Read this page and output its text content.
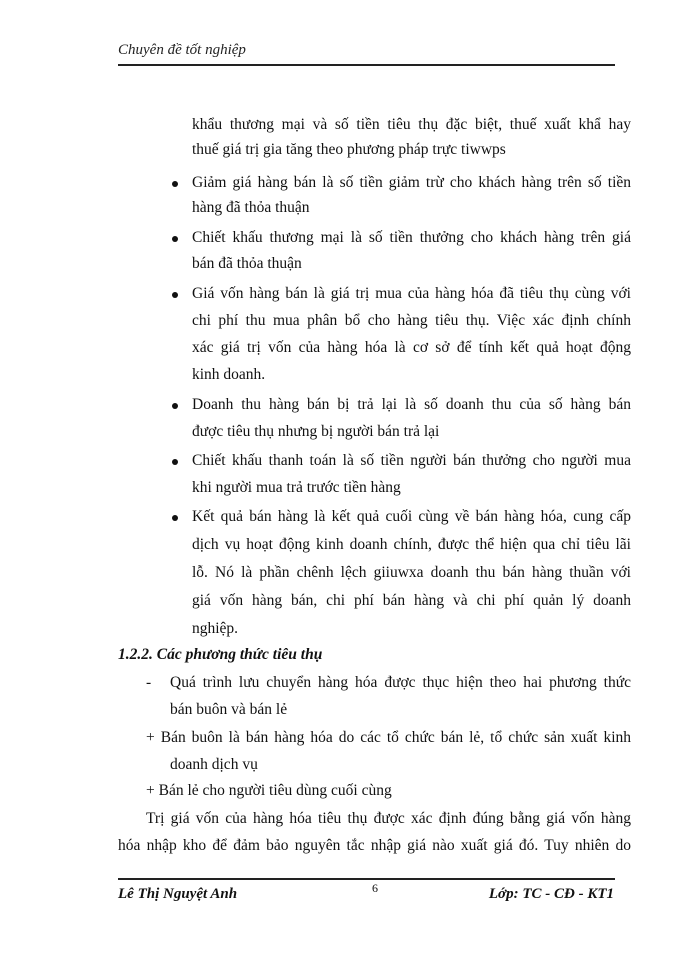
Chuyên đề tốt nghiệp
khẩu thương mại và số tiền tiêu thụ đặc biệt, thuế xuất khẩ hay
thuế giá trị gia tăng theo phương pháp trực tiwwps
Giảm giá hàng bán là số tiền giảm trừ cho khách hàng trên số tiền
hàng đã thỏa thuận
Chiết khấu thương mại là số tiền thưởng cho khách hàng trên giá
bán đã thỏa thuận
Giá vốn hàng bán là giá trị mua của hàng hóa đã tiêu thụ cùng với
chi phí thu mua phân bổ cho hàng tiêu thụ. Việc xác định chính
xác giá trị vốn của hàng hóa là cơ sở để tính kết quả hoạt động
kinh doanh.
Doanh thu hàng bán bị trả lại là số doanh thu của số hàng bán
được tiêu thụ nhưng bị người bán trả lại
Chiết khấu thanh toán là số tiền người bán thưởng cho người mua
khi người mua trả trước tiền hàng
Kết quả bán hàng là kết quả cuối cùng về bán hàng hóa, cung cấp
dịch vụ hoạt động kinh doanh chính, được thể hiện qua chỉ tiêu lãi
lỗ. Nó là phần chênh lệch giiuwxa doanh thu bán hàng thuần với
giá vốn hàng bán, chi phí bán hàng và chi phí quản lý doanh
nghiệp.
1.2.2. Các phương thức tiêu thụ
- Quá trình lưu chuyển hàng hóa được thục hiện theo hai phương thức
bán buôn và bán lẻ
+ Bán buôn là bán hàng hóa do các tổ chức bán lẻ, tổ chức sản xuất kinh
doanh dịch vụ
+ Bán lẻ cho người tiêu dùng cuối cùng
Trị giá vốn của hàng hóa tiêu thụ được xác định đúng bằng giá vốn hàng
hóa nhập kho để đảm bảo nguyên tắc nhập giá nào xuất giá đó. Tuy nhiên do
Lê Thị Nguyệt Anh	6	Lớp: TC - CĐ - KT1
